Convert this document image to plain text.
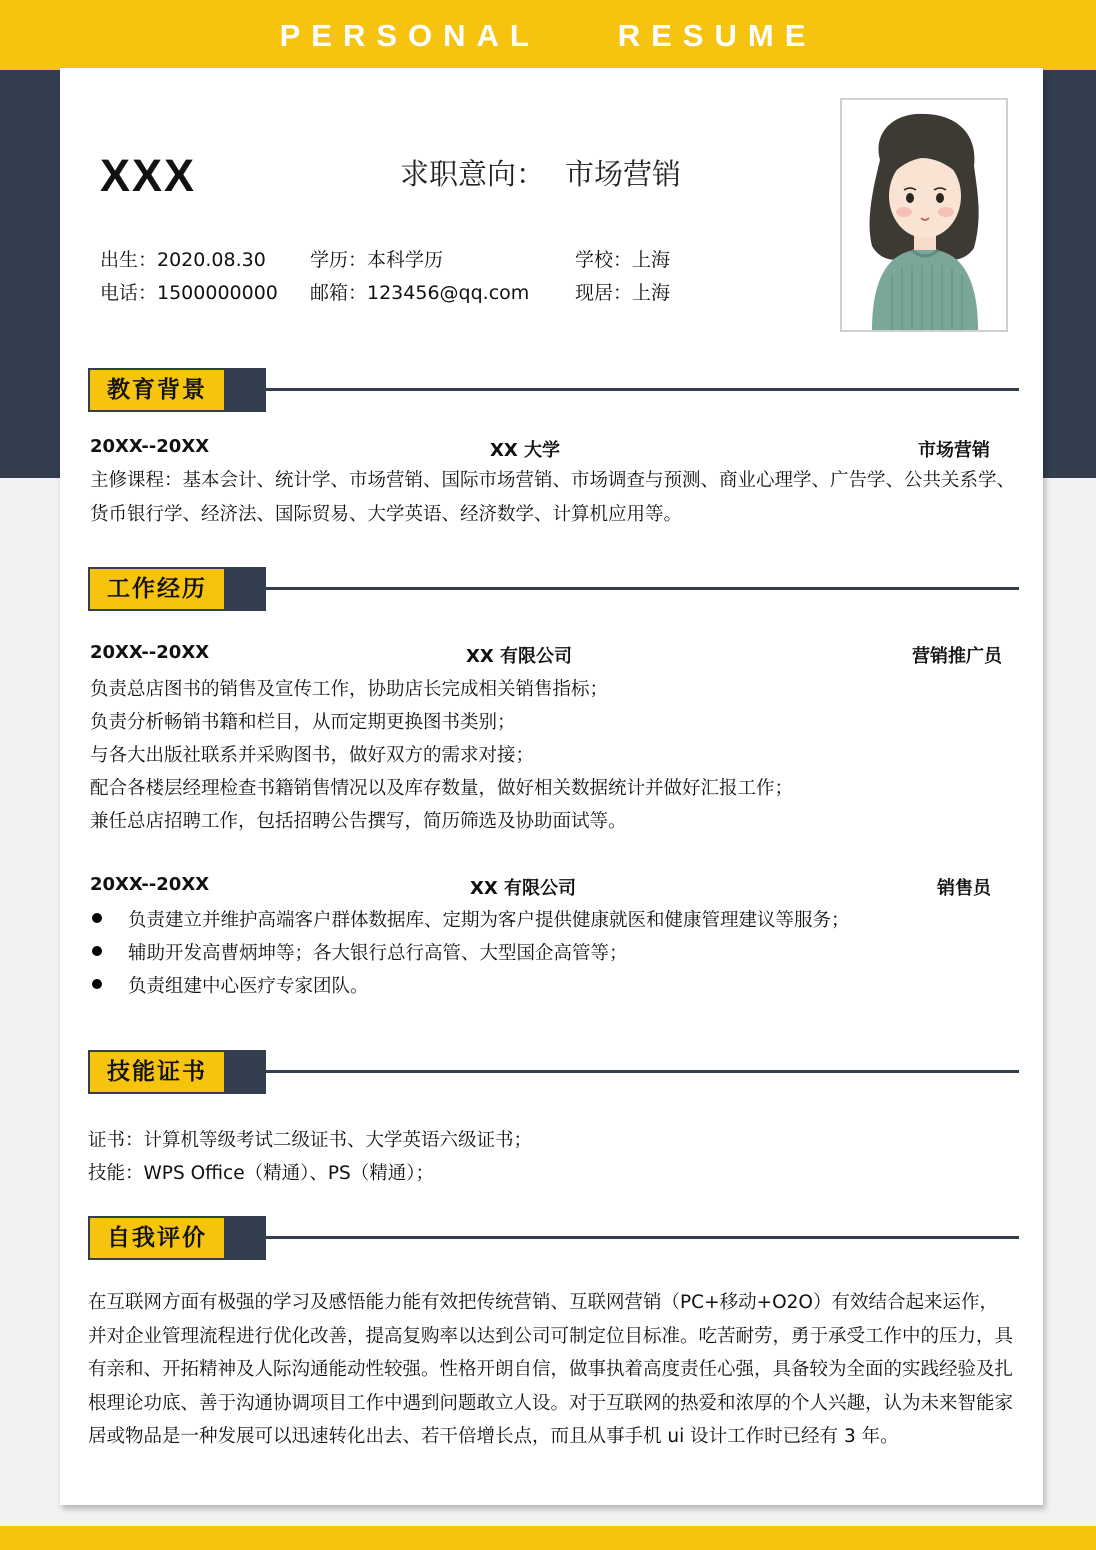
PERSONAL    RESUME
XXX	求职意向： 市场营销
出生：2020.08.30 学历：本科学历	学校：上海
电话：1500000000 邮箱：123456@qq.com 现居：上海
教育背景
20XX--20XX	XX 大学	市场营销
主修课程：基本会计、统计学、市场营销、国际市场营销、市场调查与预测、商业心理学、广告学、公共关系学、货币银行学、经济法、国际贸易、大学英语、经济数学、计算机应用等。
工作经历
20XX--20XX	XX 有限公司	营销推广员
负责总店图书的销售及宣传工作，协助店长完成相关销售指标；
负责分析畅销书籍和栏目，从而定期更换图书类别；
与各大出版社联系并采购图书，做好双方的需求对接；
配合各楼层经理检查书籍销售情况以及库存数量，做好相关数据统计并做好汇报工作；
兼任总店招聘工作，包括招聘公告撰写，简历筛选及协助面试等。
20XX--20XX	XX 有限公司	销售员
负责建立并维护高端客户群体数据库、定期为客户提供健康就医和健康管理建议等服务；
辅助开发高曹炳坤等；各大银行总行高管、大型国企高管等；
负责组建中心医疗专家团队。
技能证书
证书：计算机等级考试二级证书、大学英语六级证书；
技能：WPS Office（精通）、PS（精通）；
自我评价
在互联网方面有极强的学习及感悟能力能有效把传统营销、互联网营销（PC+移动+O2O）有效结合起来运作，并对企业管理流程进行优化改善，提高复购率以达到公司可制定位目标准。吃苦耐劳，勇于承受工作中的压力，具有亲和、开拓精神及人际沟通能动性较强。性格开朗自信，做事执着高度责任心强，具备较为全面的实践经验及扎根理论功底、善于沟通协调项目工作中遇到问题敢立人设。对于互联网的热爱和浓厚的个人兴趣，认为未来智能家居或物品是一种发展可以迅速转化出去、若干倍增长点，而且从事手机 ui 设计工作时已经有 3 年。
